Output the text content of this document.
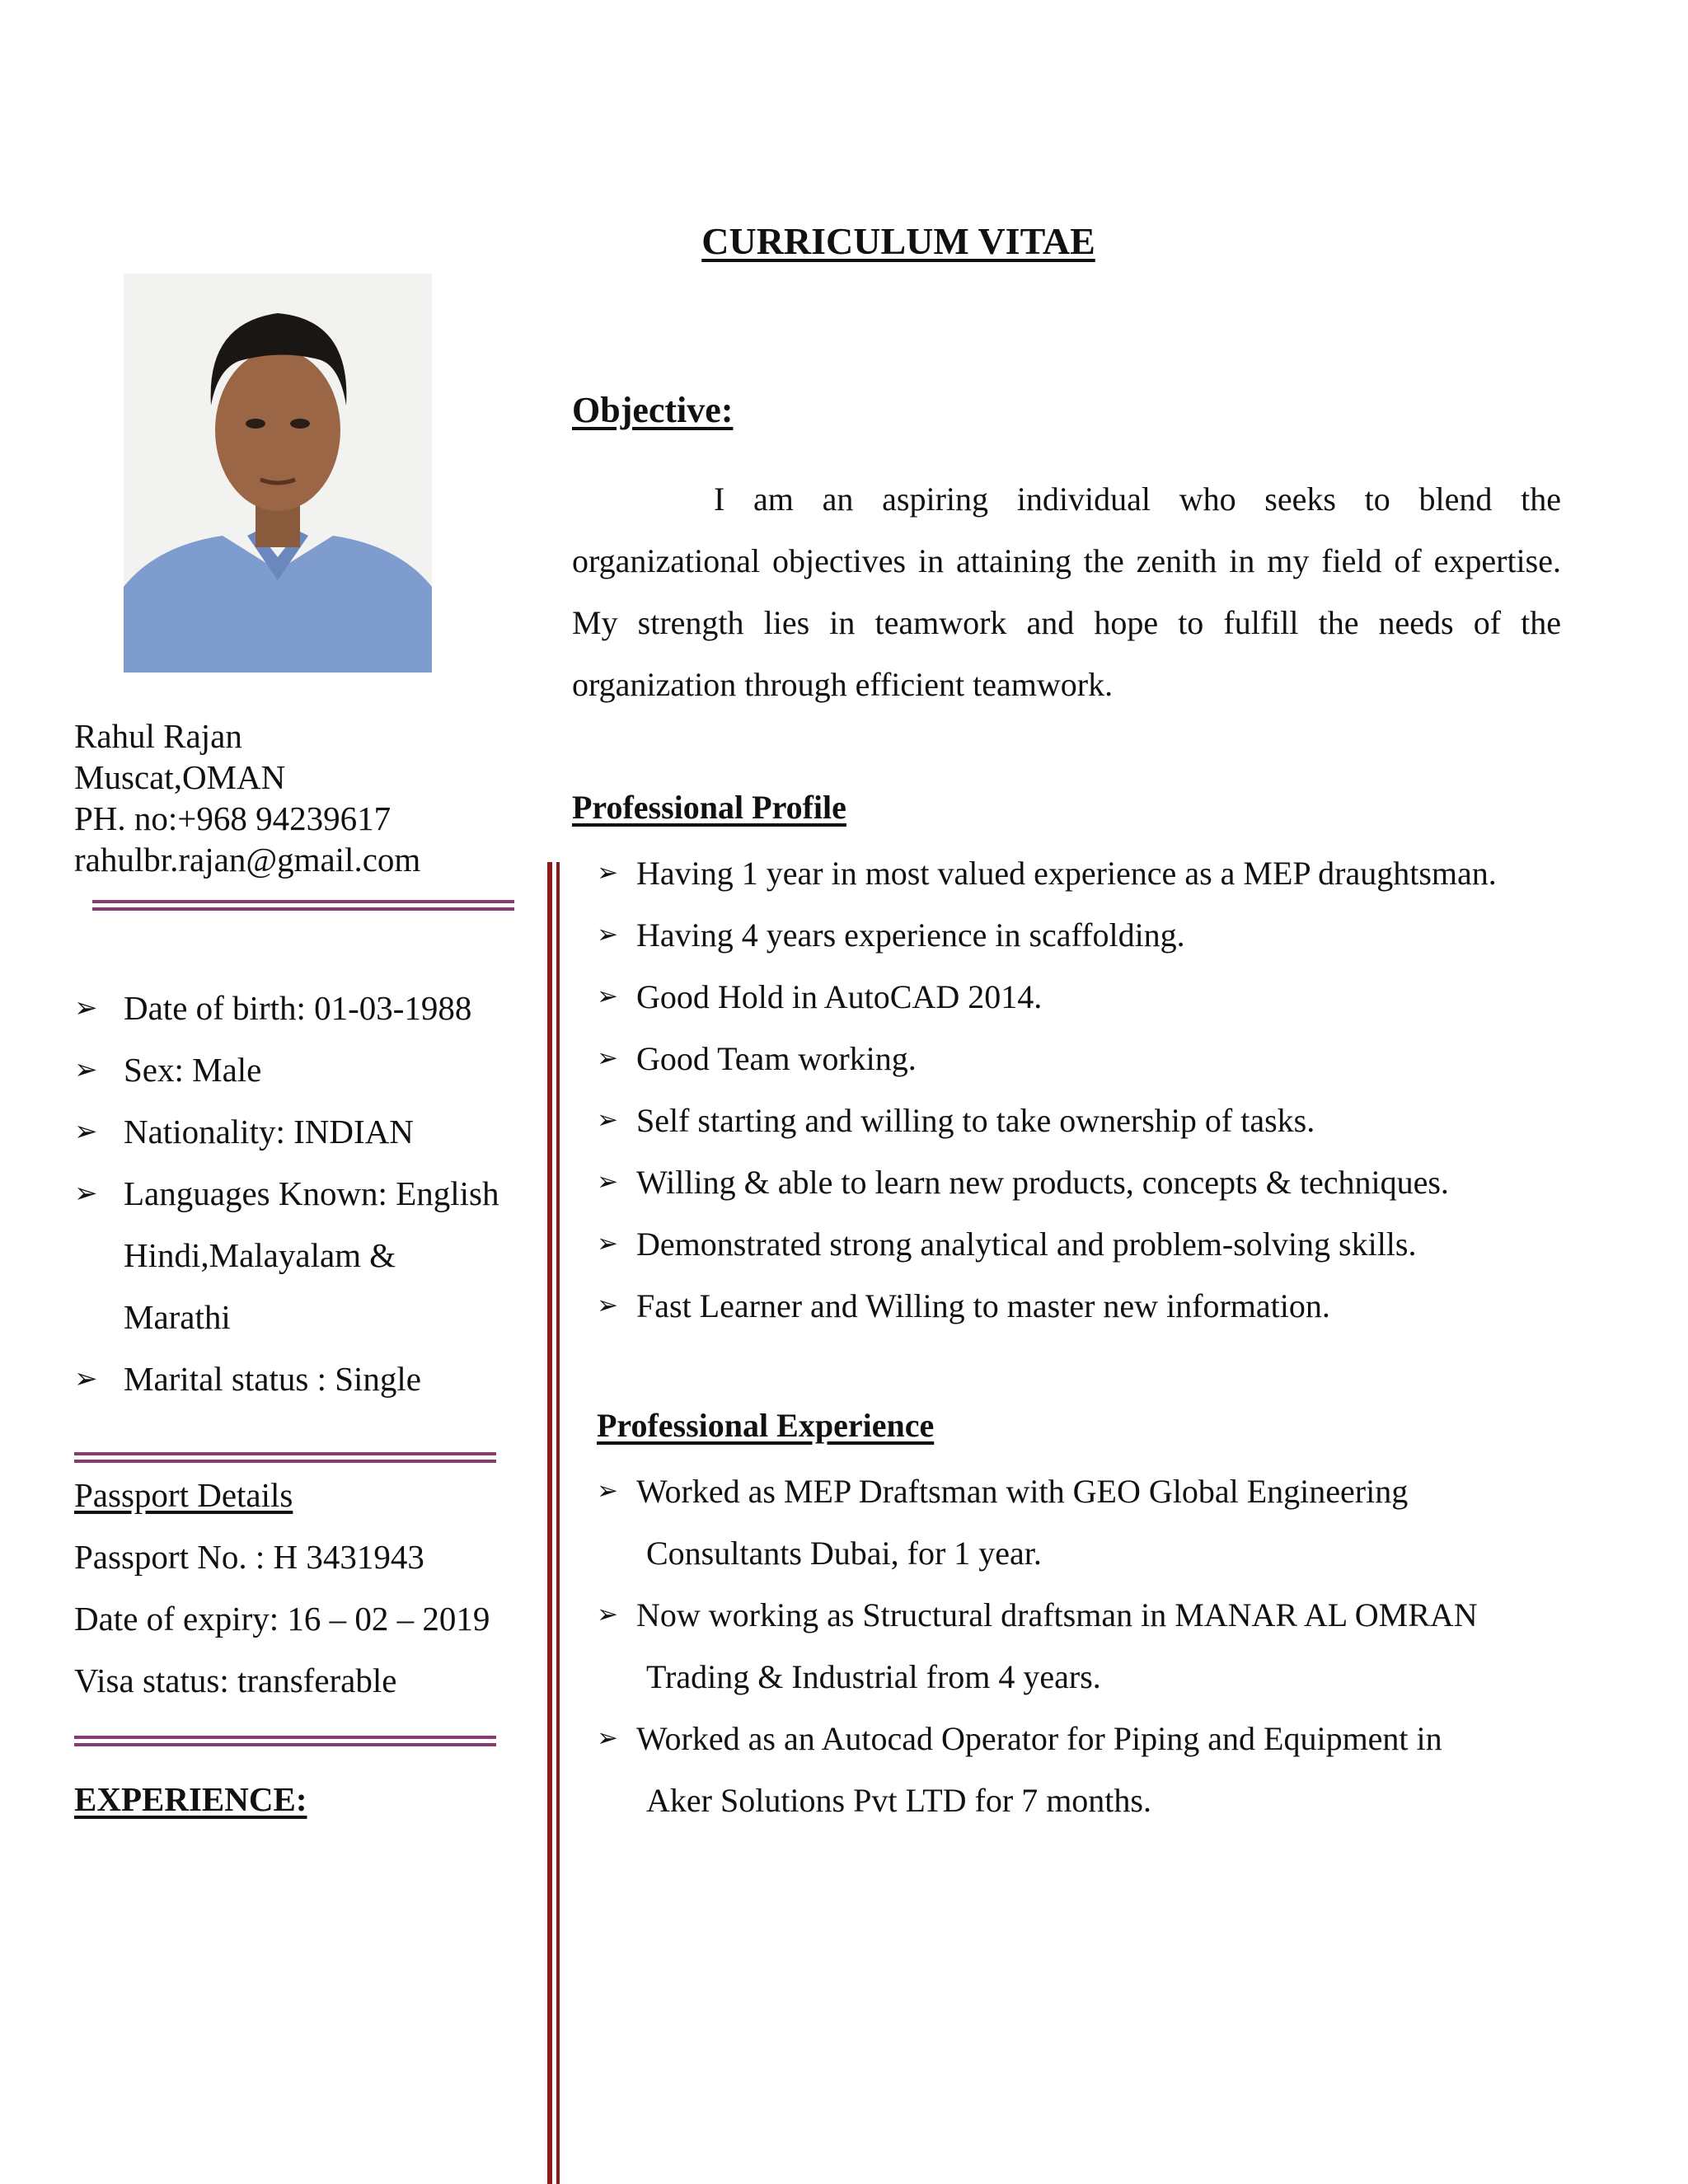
CURRICULUM VITAE
Rahul Rajan
Muscat,OMAN
PH. no:+968 94239617
rahulbr.rajan@gmail.com
➢ Date of birth: 01-03-1988
➢ Sex: Male
➢ Nationality: INDIAN
➢ Languages Known: English
Hindi,Malayalam &
Marathi
➢ Marital status : Single
Passport Details
Passport No. : H 3431943
Date of expiry: 16 – 02 – 2019
Visa status: transferable
EXPERIENCE:
Objective:
I am an aspiring individual who seeks to blend the organizational objectives in attaining the zenith in my field of expertise. My strength lies in teamwork and hope to fulfill the needs of the organization through efficient teamwork.
Professional Profile
➢ Having 1 year in most valued experience as a MEP draughtsman.
➢ Having 4 years experience in scaffolding.
➢ Good Hold in AutoCAD 2014.
➢ Good Team working.
➢ Self starting and willing to take ownership of tasks.
➢ Willing & able to learn new products, concepts & techniques.
➢ Demonstrated strong analytical and problem-solving skills.
➢ Fast Learner and Willing to master new information.
Professional Experience
➢ Worked as MEP Draftsman with GEO Global Engineering
Consultants Dubai, for 1 year.
➢ Now working as Structural draftsman in MANAR AL OMRAN
Trading & Industrial from 4 years.
➢ Worked as an Autocad Operator for Piping and Equipment in
Aker Solutions Pvt LTD for 7 months.
